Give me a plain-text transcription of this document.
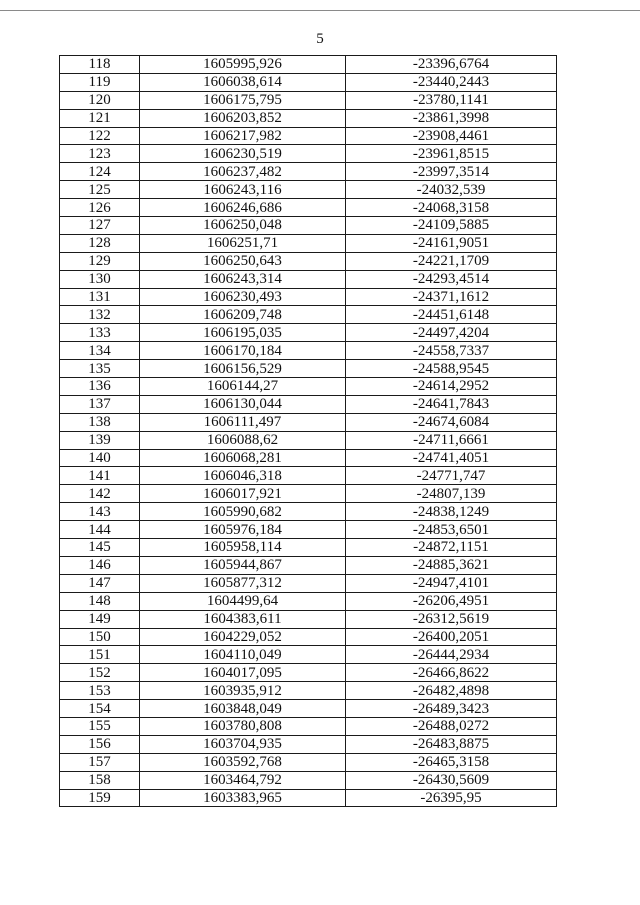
5
118	1605995,926	-23396,6764
119	1606038,614	-23440,2443
120	1606175,795	-23780,1141
121	1606203,852	-23861,3998
122	1606217,982	-23908,4461
123	1606230,519	-23961,8515
124	1606237,482	-23997,3514
125	1606243,116	-24032,539
126	1606246,686	-24068,3158
127	1606250,048	-24109,5885
128	1606251,71	-24161,9051
129	1606250,643	-24221,1709
130	1606243,314	-24293,4514
131	1606230,493	-24371,1612
132	1606209,748	-24451,6148
133	1606195,035	-24497,4204
134	1606170,184	-24558,7337
135	1606156,529	-24588,9545
136	1606144,27	-24614,2952
137	1606130,044	-24641,7843
138	1606111,497	-24674,6084
139	1606088,62	-24711,6661
140	1606068,281	-24741,4051
141	1606046,318	-24771,747
142	1606017,921	-24807,139
143	1605990,682	-24838,1249
144	1605976,184	-24853,6501
145	1605958,114	-24872,1151
146	1605944,867	-24885,3621
147	1605877,312	-24947,4101
148	1604499,64	-26206,4951
149	1604383,611	-26312,5619
150	1604229,052	-26400,2051
151	1604110,049	-26444,2934
152	1604017,095	-26466,8622
153	1603935,912	-26482,4898
154	1603848,049	-26489,3423
155	1603780,808	-26488,0272
156	1603704,935	-26483,8875
157	1603592,768	-26465,3158
158	1603464,792	-26430,5609
159	1603383,965	-26395,95
